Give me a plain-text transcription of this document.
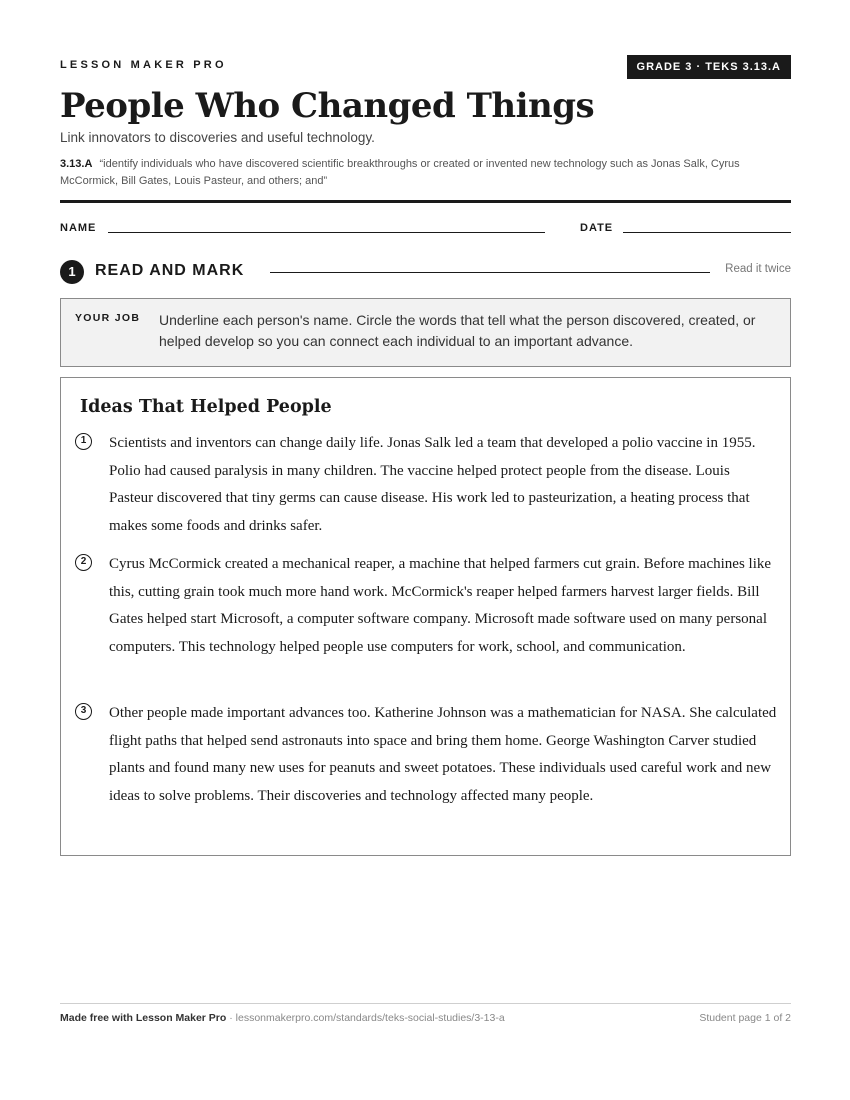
LESSON MAKER PRO	GRADE 3 · TEKS 3.13.A
People Who Changed Things
Link innovators to discoveries and useful technology.
3.13.A “identify individuals who have discovered scientific breakthroughs or created or invented new technology such as Jonas Salk, Cyrus McCormick, Bill Gates, Louis Pasteur, and others; and”
NAME	DATE
1	READ AND MARK	Read it twice
YOUR JOB Underline each person's name. Circle the words that tell what the person discovered, created, or helped develop so you can connect each individual to an important advance.
Ideas That Helped People
1	Scientists and inventors can change daily life. Jonas Salk led a team that developed a polio vaccine in 1955. Polio had caused paralysis in many children. The vaccine helped protect people from the disease. Louis Pasteur discovered that tiny germs can cause disease. His work led to pasteurization, a heating process that makes some foods and drinks safer.
2	Cyrus McCormick created a mechanical reaper, a machine that helped farmers cut grain. Before machines like this, cutting grain took much more hand work. McCormick's reaper helped farmers harvest larger fields. Bill Gates helped start Microsoft, a computer software company. Microsoft made software used on many personal computers. This technology helped people use computers for work, school, and communication.
3	Other people made important advances too. Katherine Johnson was a mathematician for NASA. She calculated flight paths that helped send astronauts into space and bring them home. George Washington Carver studied plants and found many new uses for peanuts and sweet potatoes. These individuals used careful work and new ideas to solve problems. Their discoveries and technology affected many people.
Made free with Lesson Maker Pro · lessonmakerpro.com/standards/teks-social-studies/3-13-a	Student page 1 of 2
